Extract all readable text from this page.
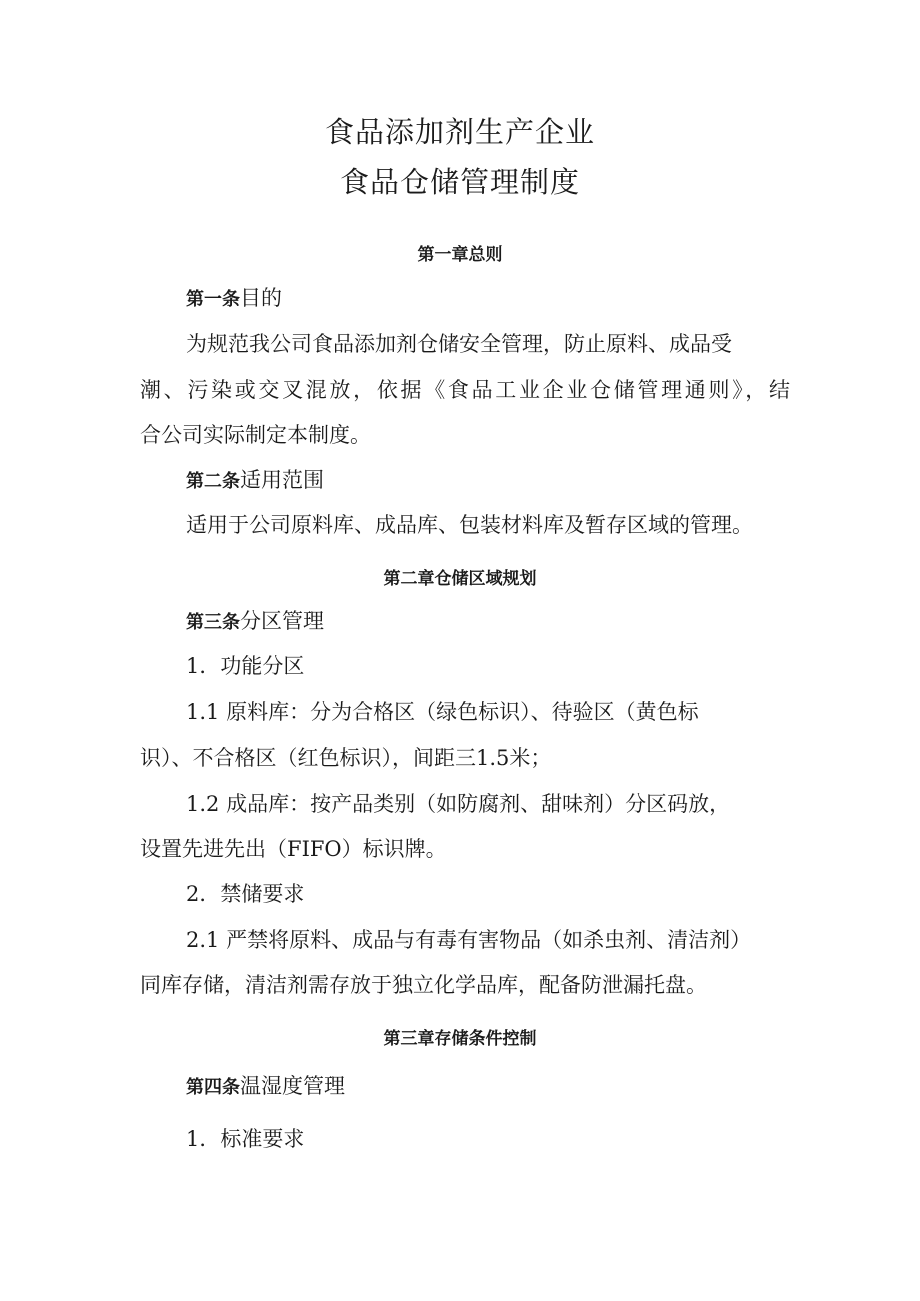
食品添加剂生产企业
食品仓储管理制度
第一章总则

第一条目的

为规范我公司食品添加剂仓储安全管理，防止原料、成品受

潮、污染或交叉混放，依据《食品工业企业仓储管理通则》，结

合公司实际制定本制度。

第二条适用范围

适用于公司原料库、成品库、包装材料库及暂存区域的管理。

第二章仓储区域规划

第三条分区管理

1．功能分区

1.1 原料库：分为合格区（绿色标识）、待验区（黄色标

识）、不合格区（红色标识），间距三1.5米；

1.2 成品库：按产品类别（如防腐剂、甜味剂）分区码放，

设置先进先出（FIFO）标识牌。

2．禁储要求

2.1 严禁将原料、成品与有毒有害物品（如杀虫剂、清洁剂）

同库存储，清洁剂需存放于独立化学品库，配备防泄漏托盘。

第三章存储条件控制

第四条温湿度管理

1．标准要求
